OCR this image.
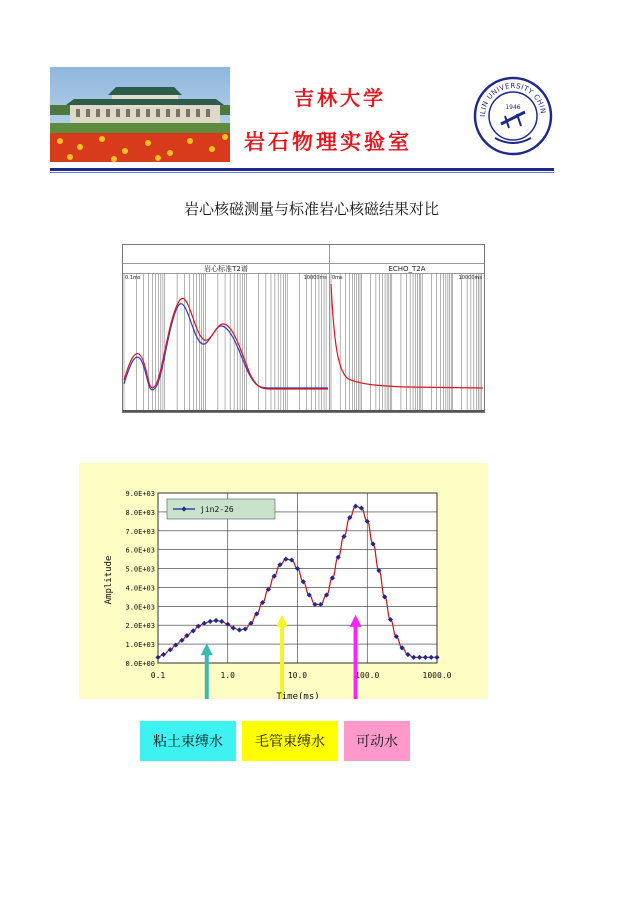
吉林大学
岩石物理实验室
ILIN UNIVERSITY CHIN
1946
岩心核磁测量与标准岩心核磁结果对比
岩心标准T2谱
0.1ms	10000ms
ECHO_T2A
0ms	10000ms
0.0E+00
1.0E+03
2.0E+03
3.0E+03
4.0E+03
5.0E+03
6.0E+03
7.0E+03
8.0E+03
9.0E+03
0.1	1.0	10.0	100.0	1000.0
jin2-26
Time(ms)
Amplitude
粘土束缚水	毛管束缚水	可动水
